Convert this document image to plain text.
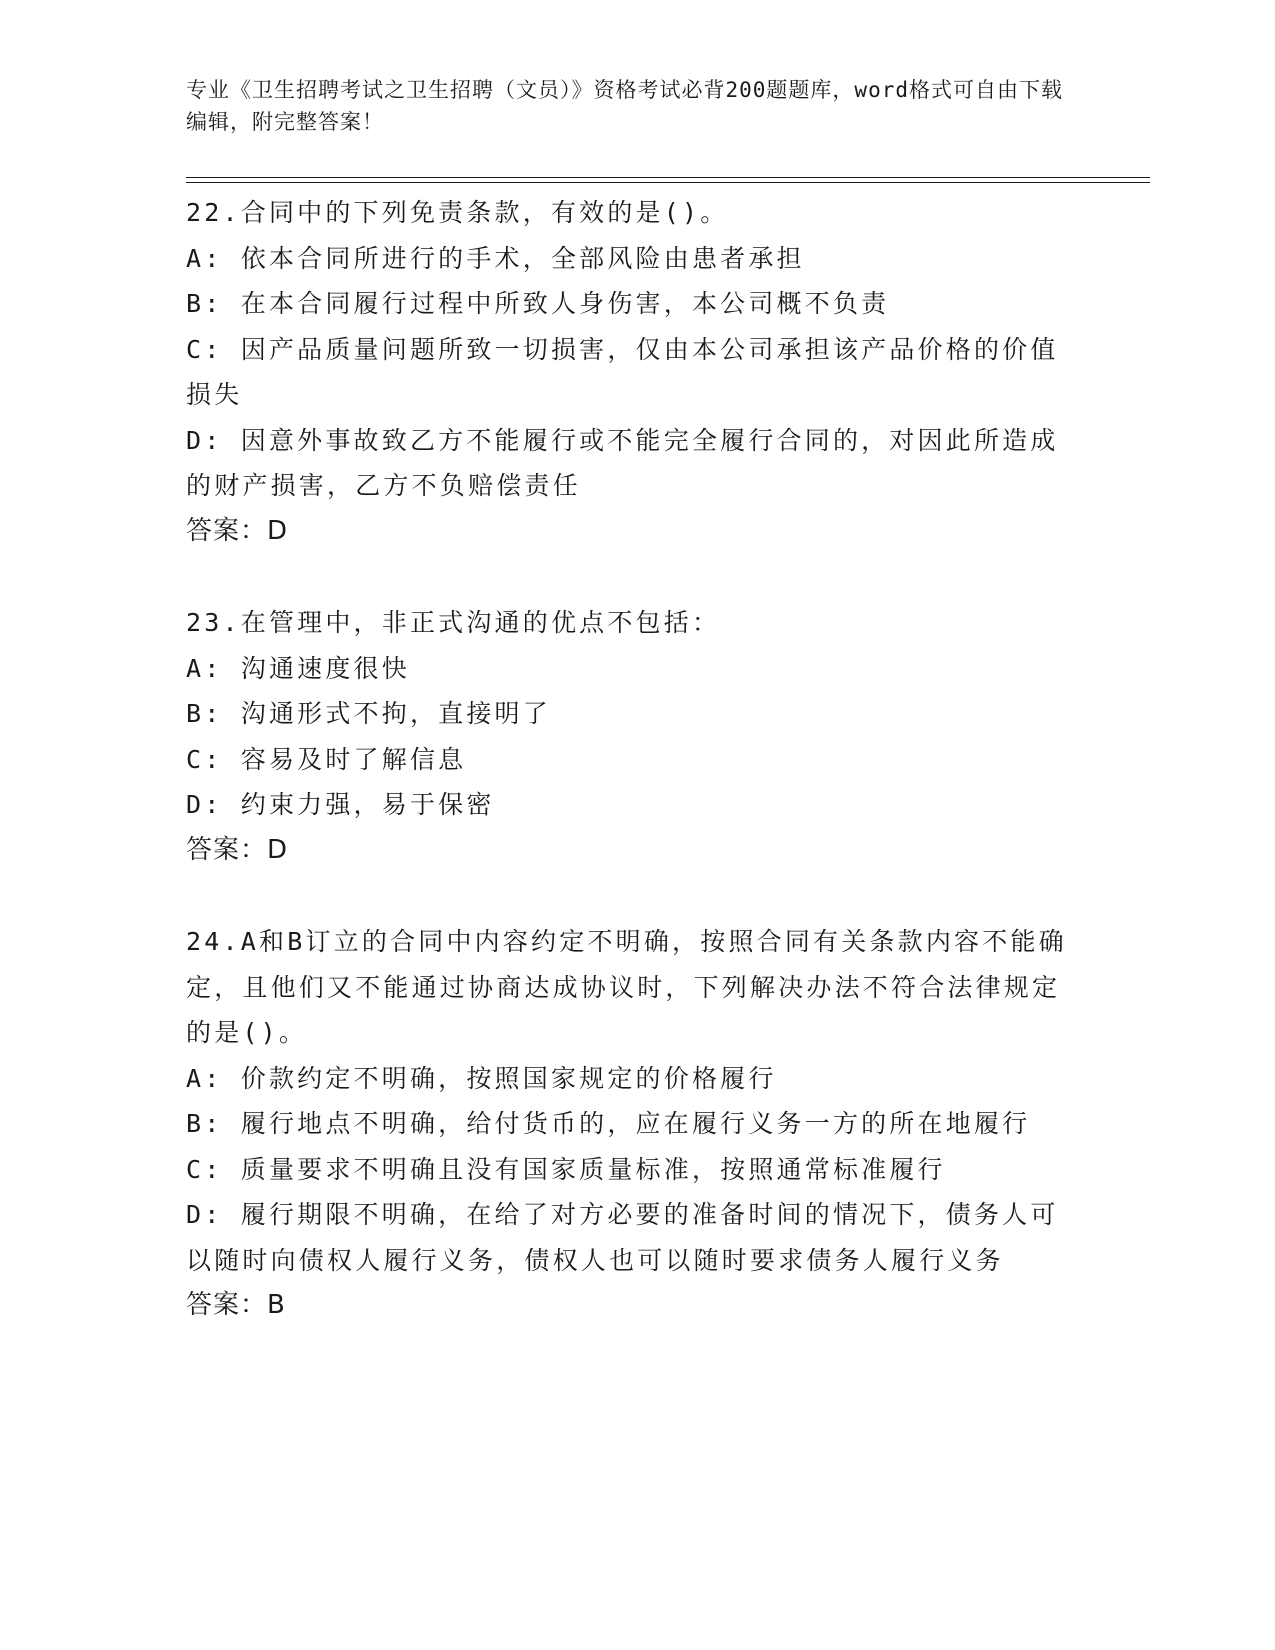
专业《卫生招聘考试之卫生招聘（文员）》资格考试必背200题题库，word格式可自由下载编辑，附完整答案！

22.合同中的下列免责条款，有效的是()。

A: 依本合同所进行的手术，全部风险由患者承担

B: 在本合同履行过程中所致人身伤害，本公司概不负责

C: 因产品质量问题所致一切损害，仅由本公司承担该产品价格的价值损失

D: 因意外事故致乙方不能履行或不能完全履行合同的，对因此所造成的财产损害，乙方不负赔偿责任

答案：D

23.在管理中，非正式沟通的优点不包括：

A: 沟通速度很快

B: 沟通形式不拘，直接明了

C: 容易及时了解信息

D: 约束力强，易于保密

答案：D

24.A和B订立的合同中内容约定不明确，按照合同有关条款内容不能确定，且他们又不能通过协商达成协议时，下列解决办法不符合法律规定的是()。

A: 价款约定不明确，按照国家规定的价格履行

B: 履行地点不明确，给付货币的，应在履行义务一方的所在地履行

C: 质量要求不明确且没有国家质量标准，按照通常标准履行

D: 履行期限不明确，在给了对方必要的准备时间的情况下，债务人可以随时向债权人履行义务，债权人也可以随时要求债务人履行义务

答案：B
